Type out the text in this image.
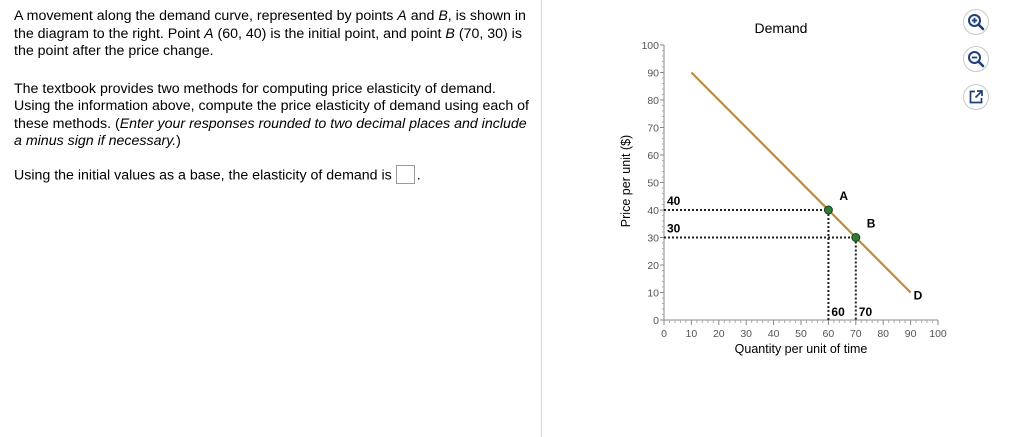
A movement along the demand curve, represented by points A and B, is shown in the diagram to the right. Point A (60, 40) is the initial point, and point B (70, 30) is the point after the price change.

The textbook provides two methods for computing price elasticity of demand. Using the information above, compute the price elasticity of demand using each of these methods. (Enter your responses rounded to two decimal places and include a minus sign if necessary.)

Using the initial values as a base, the elasticity of demand is .

Demand
Price per unit ($)
Quantity per unit of time
0
10
20
30
40
50
60
70
80
90
100
0 10 20 30 40 50 60 70 80 90 100
40
60
30
70
D
A
B
